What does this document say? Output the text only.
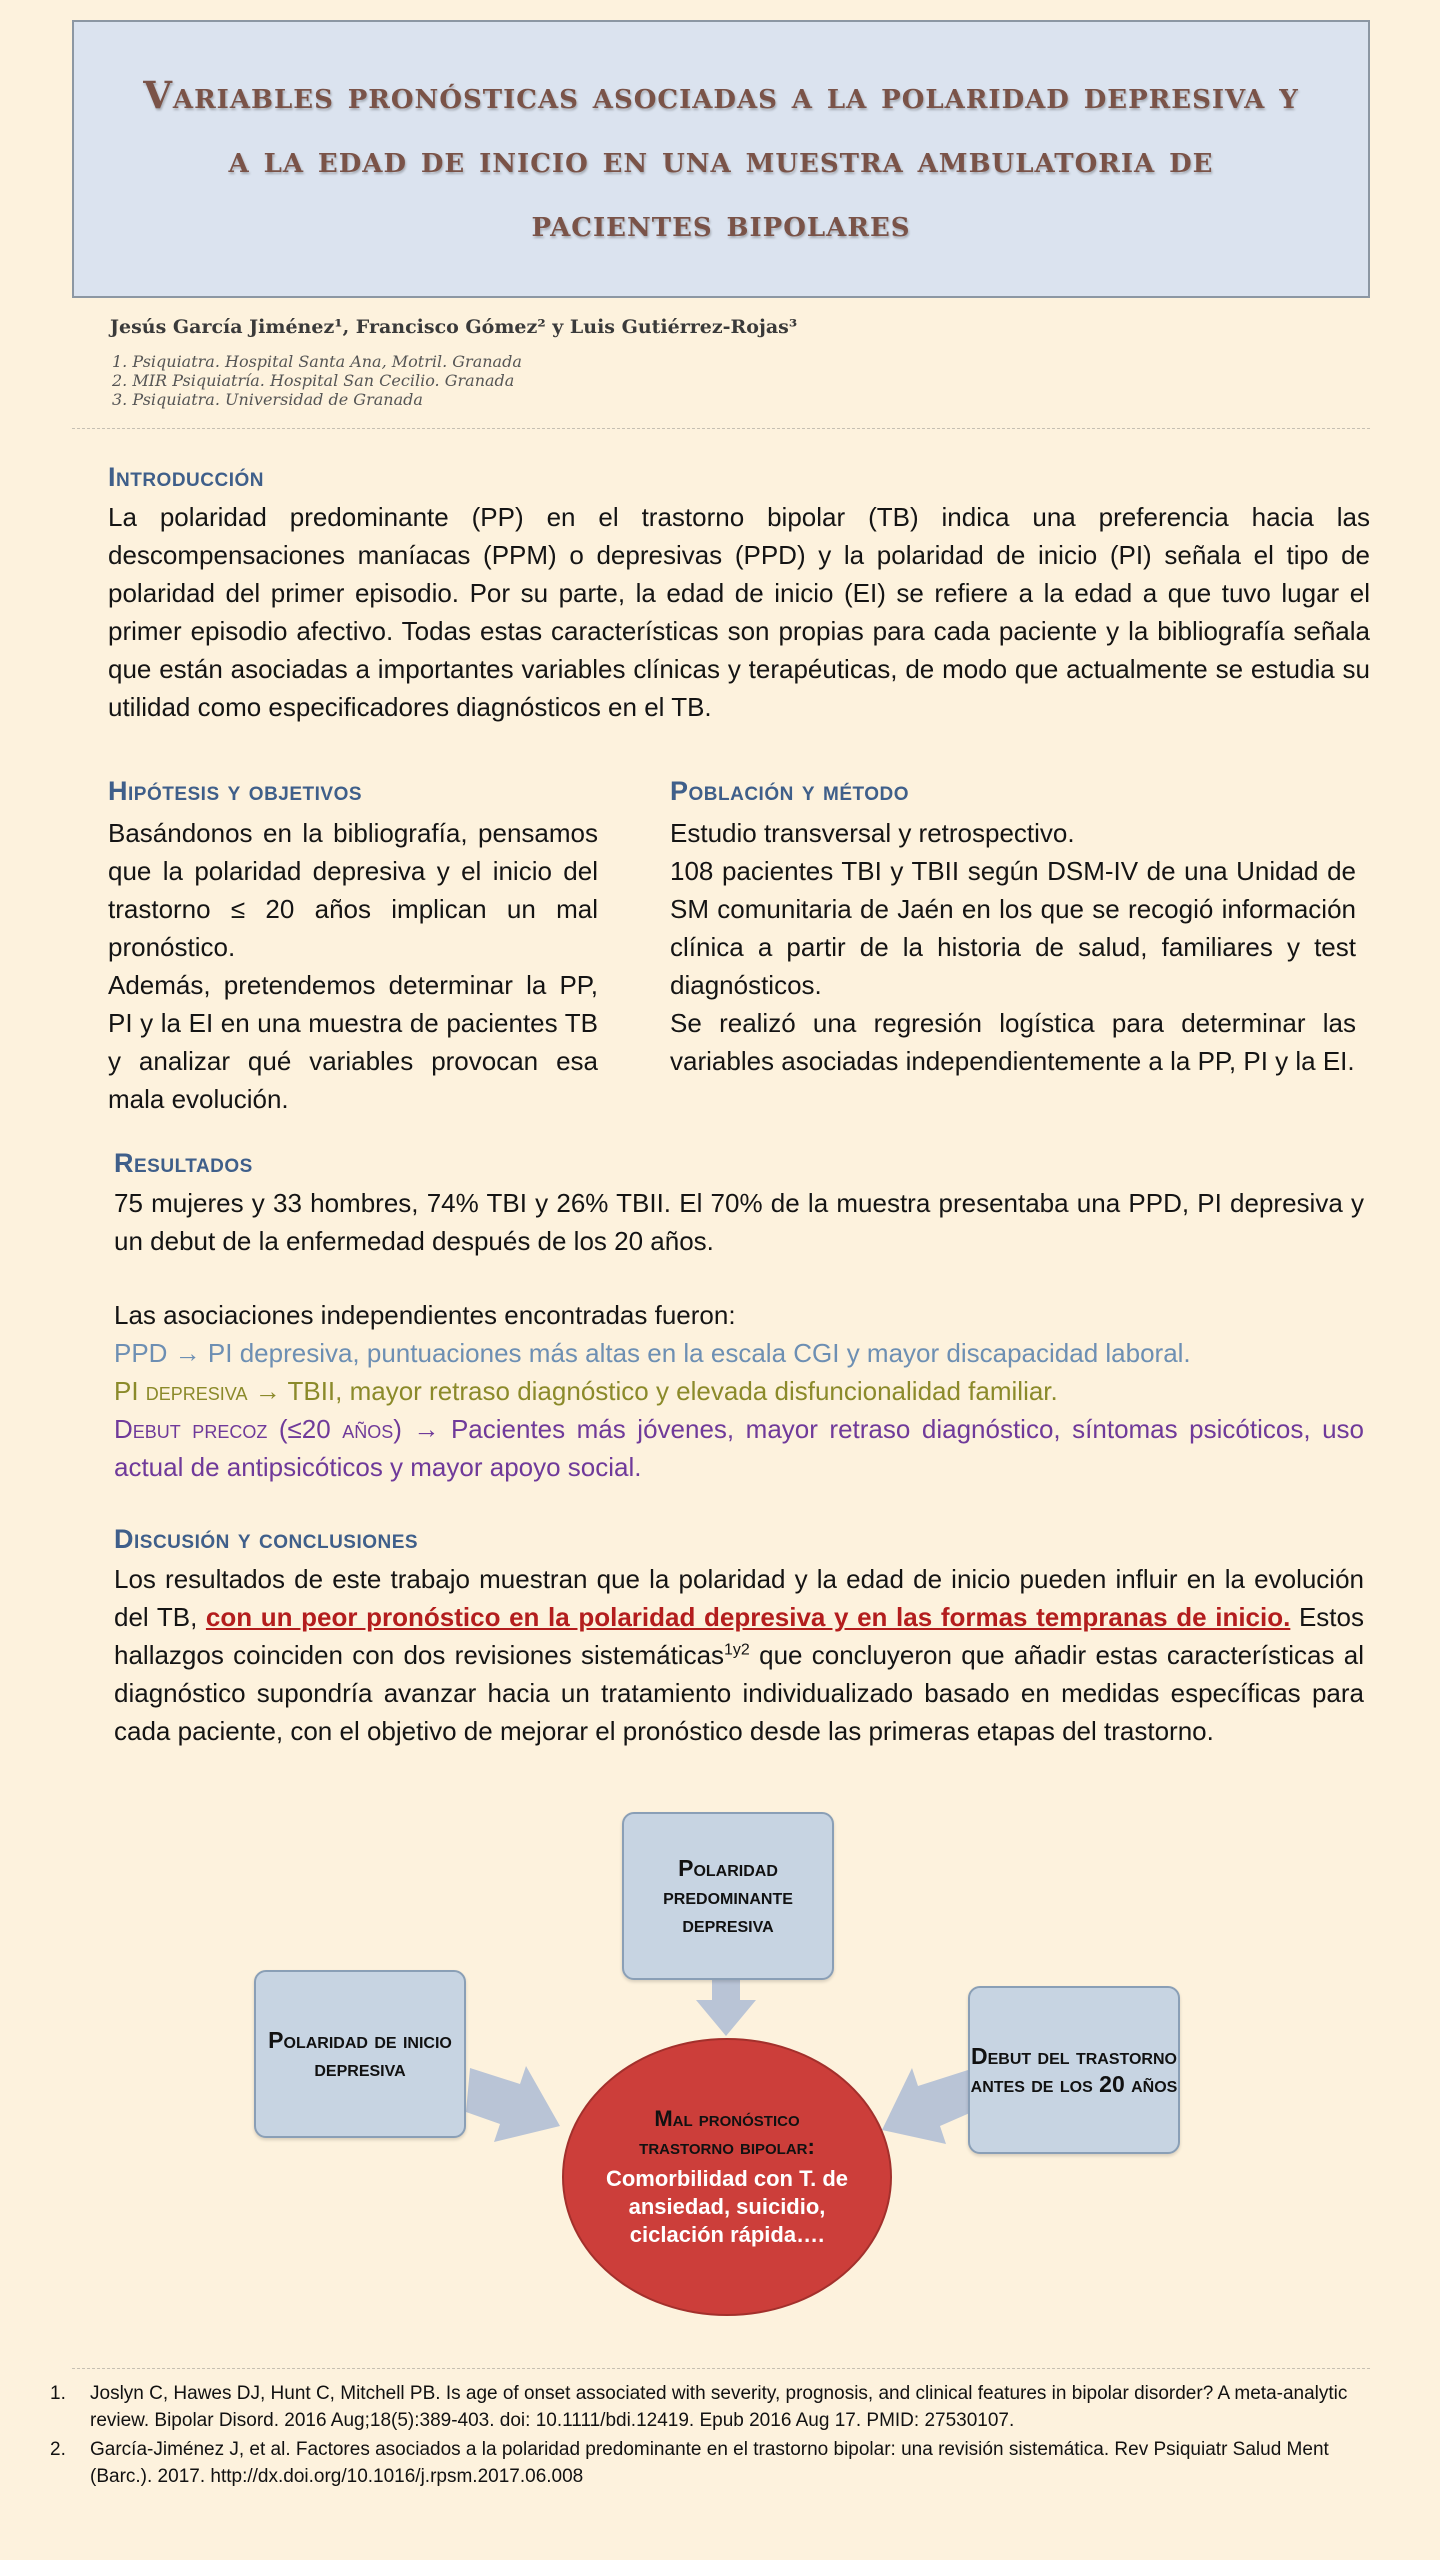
Variables pronósticas asociadas a la polaridad depresiva y a la edad de inicio en una muestra ambulatoria de pacientes bipolares
Jesús García Jiménez¹, Francisco Gómez² y Luis Gutiérrez-Rojas³
1. Psiquiatra. Hospital Santa Ana, Motril. Granada
2. MIR Psiquiatría. Hospital San Cecilio. Granada
3. Psiquiatra. Universidad de Granada
Introducción
La polaridad predominante (PP) en el trastorno bipolar (TB) indica una preferencia hacia las descompensaciones maníacas (PPM) o depresivas (PPD) y la polaridad de inicio (PI) señala el tipo de polaridad del primer episodio. Por su parte, la edad de inicio (EI) se refiere a la edad a que tuvo lugar el primer episodio afectivo. Todas estas características son propias para cada paciente y la bibliografía señala que están asociadas a importantes variables clínicas y terapéuticas, de modo que actualmente se estudia su utilidad como especificadores diagnósticos en el TB.
Hipótesis y objetivos
Basándonos en la bibliografía, pensamos que la polaridad depresiva y el inicio del trastorno ≤ 20 años implican un mal pronóstico.
Además, pretendemos determinar la PP, PI y la EI en una muestra de pacientes TB y analizar qué variables provocan esa mala evolución.
Población y método
Estudio transversal y retrospectivo.
108 pacientes TBI y TBII según DSM-IV de una Unidad de SM comunitaria de Jaén en los que se recogió información clínica a partir de la historia de salud, familiares y test diagnósticos.
Se realizó una regresión logística para determinar las variables asociadas independientemente a la PP, PI y la EI.
Resultados
75 mujeres y 33 hombres, 74% TBI y 26% TBII. El 70% de la muestra presentaba una PPD, PI depresiva y un debut de la enfermedad después de los 20 años.
Las asociaciones independientes encontradas fueron:
PPD → PI depresiva, puntuaciones más altas en la escala CGI y mayor discapacidad laboral.
PI depresiva → TBII, mayor retraso diagnóstico y elevada disfuncionalidad familiar.
Debut precoz (≤20 años) → Pacientes más jóvenes, mayor retraso diagnóstico, síntomas psicóticos, uso actual de antipsicóticos y mayor apoyo social.
Discusión y conclusiones
Los resultados de este trabajo muestran que la polaridad y la edad de inicio pueden influir en la evolución del TB, con un peor pronóstico en la polaridad depresiva y en las formas tempranas de inicio. Estos hallazgos coinciden con dos revisiones sistemáticas$^{1y2}$ que concluyeron que añadir estas características al diagnóstico supondría avanzar hacia un tratamiento individualizado basado en medidas específicas para cada paciente, con el objetivo de mejorar el pronóstico desde las primeras etapas del trastorno.
Polaridad predominante depresiva
Polaridad de inicio depresiva	Debut del trastorno antes de los 20 años
Mal pronóstico trastorno bipolar:
Comorbilidad con T. de ansiedad, suicidio, ciclación rápida….
1.	Joslyn C, Hawes DJ, Hunt C, Mitchell PB. Is age of onset associated with severity, prognosis, and clinical features in bipolar disorder? A meta-analytic review. Bipolar Disord. 2016 Aug;18(5):389-403. doi: 10.1111/bdi.12419. Epub 2016 Aug 17. PMID: 27530107.
2.	García-Jiménez J, et al. Factores asociados a la polaridad predominante en el trastorno bipolar: una revisión sistemática. Rev Psiquiatr Salud Ment (Barc.). 2017. http://dx.doi.org/10.1016/j.rpsm.2017.06.008
